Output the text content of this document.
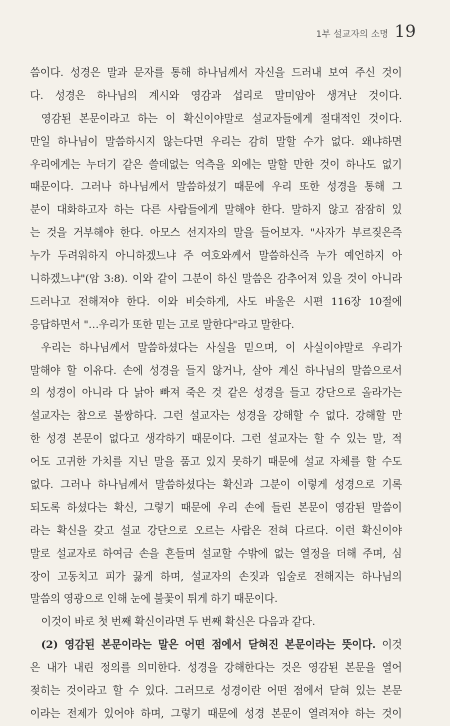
1부 설교자의 소명 19
씀이다. 성경은 말과 문자를 통해 하나님께서 자신을 드러내 보여 주신 것이
다. 성경은 하나님의 계시와 영감과 섭리로 말미암아 생겨난 것이다.
영감된 본문이라고 하는 이 확신이야말로 설교자들에게 절대적인 것이다.
만일 하나님이 말씀하시지 않는다면 우리는 감히 말할 수가 없다. 왜냐하면
우리에게는 누더기 같은 쓸데없는 억측을 외에는 말할 만한 것이 하나도 없기
때문이다. 그러나 하나님께서 말씀하셨기 때문에 우리 또한 성경을 통해 그
분이 대화하고자 하는 다른 사람들에게 말해야 한다. 말하지 않고 잠잠히 있
는 것을 거부해야 한다. 아모스 선지자의 말을 들어보자. "사자가 부르짖은즉
누가 두려워하지 아니하겠느냐 주 여호와께서 말씀하신즉 누가 예언하지 아
니하겠느냐"(암 3:8). 이와 같이 그분이 하신 말씀은 감추어져 있을 것이 아니라
드러나고 전해져야 한다. 이와 비슷하게, 사도 바울은 시편 116장 10절에
응답하면서 "…우리가 또한 믿는 고로 말한다"라고 말한다.
우리는 하나님께서 말씀하셨다는 사실을 믿으며, 이 사실이야말로 우리가
말해야 할 이유다. 손에 성경을 들지 않거나, 살아 계신 하나님의 말씀으로서
의 성경이 아니라 다 낡아 빠져 죽은 것 같은 성경을 들고 강단으로 올라가는
설교자는 참으로 불쌍하다. 그런 설교자는 성경을 강해할 수 없다. 강해할 만
한 성경 본문이 없다고 생각하기 때문이다. 그런 설교자는 할 수 있는 말, 적
어도 고귀한 가치를 지닌 말을 품고 있지 못하기 때문에 설교 자체를 할 수도
없다. 그러나 하나님께서 말씀하셨다는 확신과 그분이 이렇게 성경으로 기록
되도록 하셨다는 확신, 그렇기 때문에 우리 손에 들린 본문이 영감된 말씀이
라는 확신을 갖고 설교 강단으로 오르는 사람은 전혀 다르다. 이런 확신이야
말로 설교자로 하여금 손을 흔들며 설교할 수밖에 없는 열정을 더해 주며, 심
장이 고동치고 피가 끓게 하며, 설교자의 손짓과 입술로 전해지는 하나님의
말씀의 영광으로 인해 눈에 불꽃이 튀게 하기 때문이다.
이것이 바로 첫 번째 확신이라면 두 번째 확신은 다음과 같다.
(2) 영감된 본문이라는 말은 어떤 점에서 닫혀진 본문이라는 뜻이다. 이것
은 내가 내린 정의를 의미한다. 성경을 강해한다는 것은 영감된 본문을 열어
젖히는 것이라고 할 수 있다. 그러므로 성경이란 어떤 점에서 닫혀 있는 본문
이라는 전제가 있어야 하며, 그렇기 때문에 성경 본문이 열려져야 하는 것이
